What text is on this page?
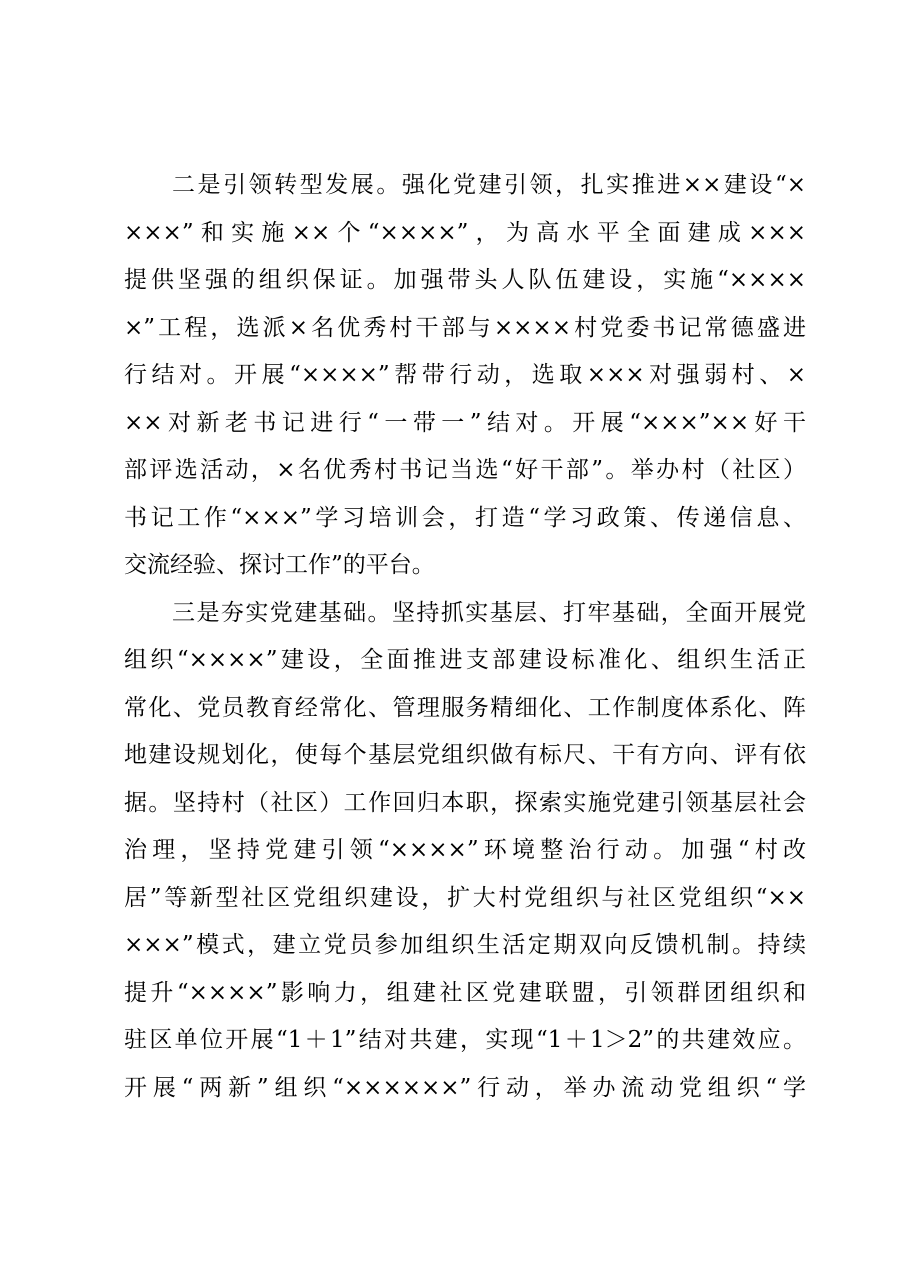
二是引领转型发展。强化党建引领，扎实推进××建设“×
×××”和实施××个“××××”，为高水平全面建成×××
提供坚强的组织保证。加强带头人队伍建设，实施“××××
×”工程，选派×名优秀村干部与××××村党委书记常德盛进
行结对。开展“××××”帮带行动，选取×××对强弱村、×
××对新老书记进行“一带一”结对。开展“×××”××好干
部评选活动，×名优秀村书记当选“好干部”。举办村（社区）
书记工作“×××”学习培训会，打造“学习政策、传递信息、
交流经验、探讨工作”的平台。
三是夯实党建基础。坚持抓实基层、打牢基础，全面开展党
组织“××××”建设，全面推进支部建设标准化、组织生活正
常化、党员教育经常化、管理服务精细化、工作制度体系化、阵
地建设规划化，使每个基层党组织做有标尺、干有方向、评有依
据。坚持村（社区）工作回归本职，探索实施党建引领基层社会
治理，坚持党建引领“××××”环境整治行动。加强“村改
居”等新型社区党组织建设，扩大村党组织与社区党组织“××
×××”模式，建立党员参加组织生活定期双向反馈机制。持续
提升“××××”影响力，组建社区党建联盟，引领群团组织和
驻区单位开展“1＋1”结对共建，实现“1＋1＞2”的共建效应。
开展“两新”组织“××××××”行动，举办流动党组织“学
